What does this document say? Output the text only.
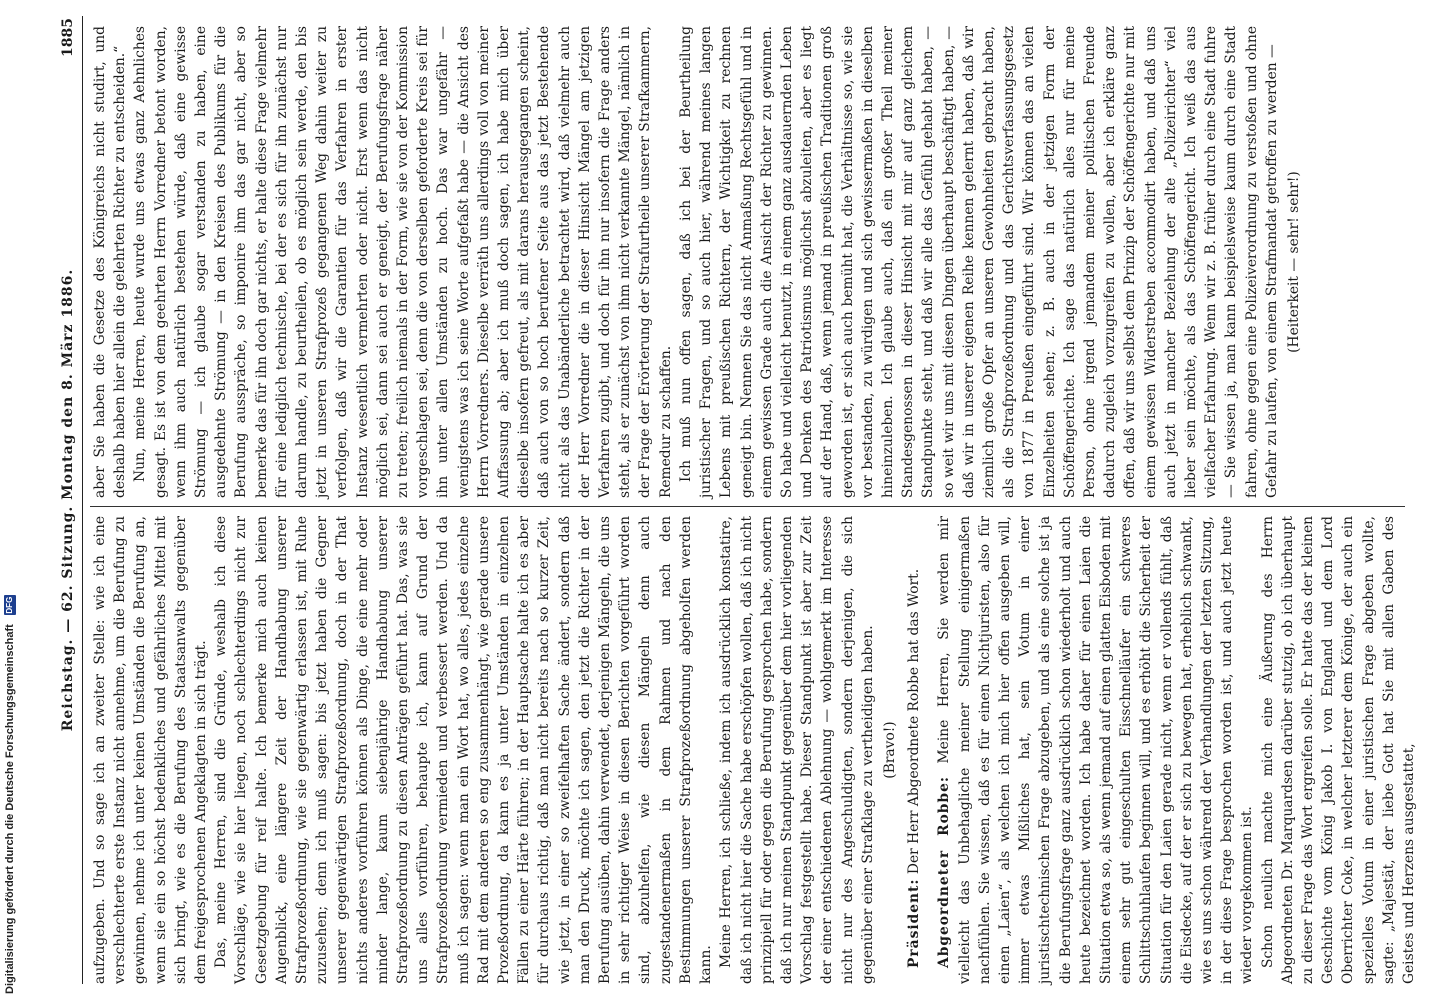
Reichstag. — 62. Sitzung. Montag den 8. März 1886.
1885

aufzugeben. Und so sage ich an zweiter Stelle: wie ich eine verschlechterte erste Instanz nicht annehme, um die Berufung zu gewinnen, nehme ich unter keinen Umständen die Berufung an, wenn sie ein so höchst bedenkliches und gefährliches Mittel mit sich bringt, wie es die Berufung des Staatsanwalts gegenüber dem freigesprochenen Angeklagten in sich trägt. Das, meine Herren, sind die Gründe, weshalb ich diese Vorschläge, wie sie hier liegen, noch schlechterdings nicht zur Gesetzgebung für reif halte. Ich bemerke mich auch keinen Augenblick, eine längere Zeit der Handhabung unserer Strafprozeßordnung, wie sie gegenwärtig erlassen ist, mit Ruhe zuzusehen; denn ich muß sagen: bis jetzt haben die Gegner unserer gegenwärtigen Strafprozeßordnung, doch in der That nichts anderes vorführen können als Dinge, die eine mehr oder minder lange, kaum siebenjährige Handhabung unserer Strafprozeßordnung zu diesen Anträgen geführt hat. Das, was sie uns alles vorführen, behaupte ich, kann auf Grund der Strafprozeßordnung vermieden und verbessert werden. Und da muß ich sagen: wenn man ein Wort hat, wo alles, jedes einzelne Rad mit dem anderen so eng zusammenhängt, wie gerade unsere Prozeßordnung, da kann es ja unter Umständen in einzelnen Fällen zu einer Härte führen; in der Hauptsache halte ich es aber für durchaus richtig, daß man nicht bereits nach so kurzer Zeit, wie jetzt, in einer so zweifelhaften Sache ändert, sondern daß man den Druck, möchte ich sagen, den jetzt die Richter in der Berufung ausüben, dahin verwendet, derjenigen Mängeln, die uns in sehr richtiger Weise in diesen Berichten vorgeführt worden sind, abzuhelfen, wie diesen Mängeln denn auch zugestandenermaßen in dem Rahmen und nach den Bestimmungen unserer Strafprozeßordnung abgeholfen werden kann. Meine Herren, ich schließe, indem ich ausdrücklich konstatire, daß ich nicht hier die Sache habe erschöpfen wollen, daß ich nicht prinzipiell für oder gegen die Berufung gesprochen habe, sondern daß ich nur meinen Standpunkt gegenüber dem hier vorliegenden Vorschlag festgestellt habe. Dieser Standpunkt ist aber zur Zeit der einer entschiedenen Ablehnung — wohlgemerkt im Interesse nicht nur des Angeschuldigten, sondern derjenigen, die sich gegenüber einer Strafklage zu vertheidigen haben. (Bravo!)

Präsident: Der Herr Abgeordnete Robbe hat das Wort. Abgeordneter Robbe: Meine Herren, Sie werden mir vielleicht das Unbehagliche meiner Stellung einigermaßen nachfühlen. Sie wissen, daß es für einen Nichtjuristen, also für einen „Laien“, als welchen ich mich hier offen ausgeben will, immer etwas Mißliches hat, sein Votum in einer juristischtechnischen Frage abzugeben, und als eine solche ist ja die Berufungsfrage ganz ausdrücklich schon wiederholt und auch heute bezeichnet worden. Ich habe daher für einen Laien die Situation etwa so, als wenn jemand auf einen glatten Eisboden mit einem sehr gut eingeschulten Eisschnelläufer ein schweres Schlittschuhlaufen beginnen will, und es erhöht die Sicherheit der Situation für den Laien gerade nicht, wenn er vollends fühlt, daß die Eisdecke, auf der er sich zu bewegen hat, erheblich schwankt, wie es uns schon während der Verhandlungen der letzten Sitzung, in der diese Frage besprochen worden ist, und auch jetzt heute wieder vorgekommen ist. Schon neulich machte mich eine Äußerung des Herrn Abgeordneten Dr. Marquardsen darüber stutzig, ob ich überhaupt zu dieser Frage das Wort ergreifen solle. Er hatte das der kleinen Geschichte vom König Jakob I. von England und dem Lord Oberrichter Coke, in welcher letzterer dem Könige, der auch ein spezielles Votum in einer juristischen Frage abgeben wollte, sagte: „Majestät, der liebe Gott hat Sie mit allen Gaben des Geistes und Herzens ausgestattet,

aber Sie haben die Gesetze des Königreichs nicht studirt, und deshalb haben hier allein die gelehrten Richter zu entscheiden.“ Nun, meine Herren, heute wurde uns etwas ganz Aehnliches gesagt. Es ist von dem geehrten Herrn Vorredner betont worden, wenn ihm auch natürlich bestehen würde, daß eine gewisse Strömung — ich glaube sogar verstanden zu haben, eine ausgedehnte Strömung — in den Kreisen des Publikums für die Berufung ausspräche, so imponire ihm das gar nicht, aber so bemerke das für ihn doch gar nichts, er halte diese Frage vielmehr für eine lediglich technische, bei der es sich für ihn zunächst nur darum handle, zu beurtheilen, ob es möglich sein werde, den bis jetzt in unseren Strafprozeß gegangenen Weg dahin weiter zu verfolgen, daß wir die Garantien für das Verfahren in erster Instanz wesentlich vermehrten oder nicht. Erst wenn das nicht möglich sei, dann sei auch er geneigt, der Berufungsfrage näher zu treten; freilich niemals in der Form, wie sie von der Kommission vorgeschlagen sei, denn die von derselben geforderte Kreis sei für ihn unter allen Umständen zu hoch. Das war ungefähr — wenigstens was ich seine Worte aufgefaßt habe — die Ansicht des Herrn Vorredners. Dieselbe verräth uns allerdings voll von meiner Auffassung ab; aber ich muß doch sagen, ich habe mich über dieselbe insofern gefreut, als mit darans herausgegangen scheint, daß auch von so hoch berufener Seite aus das jetzt Bestehende nicht als das Unabänderliche betrachtet wird, daß vielmehr auch der Herr Vorredner die in dieser Hinsicht Mängel am jetzigen Verfahren zugibt, und doch für ihn nur insofern die Frage anders steht, als er zunächst von ihm nicht verkannte Mängel, nämlich in der Frage der Erörterung der Strafurtheile unserer Strafkammern, Remedur zu schaffen. Ich muß nun offen sagen, daß ich bei der Beurtheilung juristischer Fragen, und so auch hier, während meines langen Lebens mit preußischen Richtern, der Wichtigkeit zu rechnen geneigt bin. Nennen Sie das nicht Anmaßung Rechtsgefühl und in einem gewissen Grade auch die Ansicht der Richter zu gewinnen. So habe und vielleicht benutzt, in einem ganz ausdauernden Leben und Denken des Patriotismus möglichst abzuleiten, aber es liegt auf der Hand, daß, wenn jemand in preußischen Traditionen groß geworden ist, er sich auch bemüht hat, die Verhältnisse so, wie sie vor bestanden, zu würdigen und sich gewissermaßen in dieselben hineinzuleben. Ich glaube auch, daß ein großer Theil meiner Standesgenossen in dieser Hinsicht mit mir auf ganz gleichem Standpunkte steht, und daß wir alle das Gefühl gehabt haben, — so weit wir uns mit diesen Dingen überhaupt beschäftigt haben, — daß wir in unserer eigenen Reihe kennen gelernt haben, daß wir ziemlich große Opfer an unseren Gewohnheiten gebracht haben, als die Strafprozeßordnung und das Gerichtsverfassungsgesetz von 1877 in Preußen eingeführt sind. Wir können das an vielen Einzelheiten sehen; z. B. auch in der jetzigen Form der Schöffengerichte. Ich sage das natürlich alles nur für meine Person, ohne irgend jemandem meiner politischen Freunde dadurch zugleich vorzugreifen zu wollen, aber ich erkläre ganz offen, daß wir uns selbst dem Prinzip der Schöffengerichte nur mit einem gewissen Widerstreben accommodirt haben, und daß uns auch jetzt in mancher Beziehung der alte „Polizeirichter“ viel lieber sein möchte, als das Schöffengericht. Ich weiß das aus vielfacher Erfahrung. Wenn wir z. B. früher durch eine Stadt fuhre — Sie wissen ja, man kann beispielsweise kaum durch eine Stadt fahren, ohne gegen eine Polizeiverordnung zu verstoßen und ohne Gefahr zu laufen, von einem Strafmandat getroffen zu werden — (Heiterkeit — sehr! sehr!)

Digitalisierung gefördert durch die Deutsche Forschungsgemeinschaft DFG
